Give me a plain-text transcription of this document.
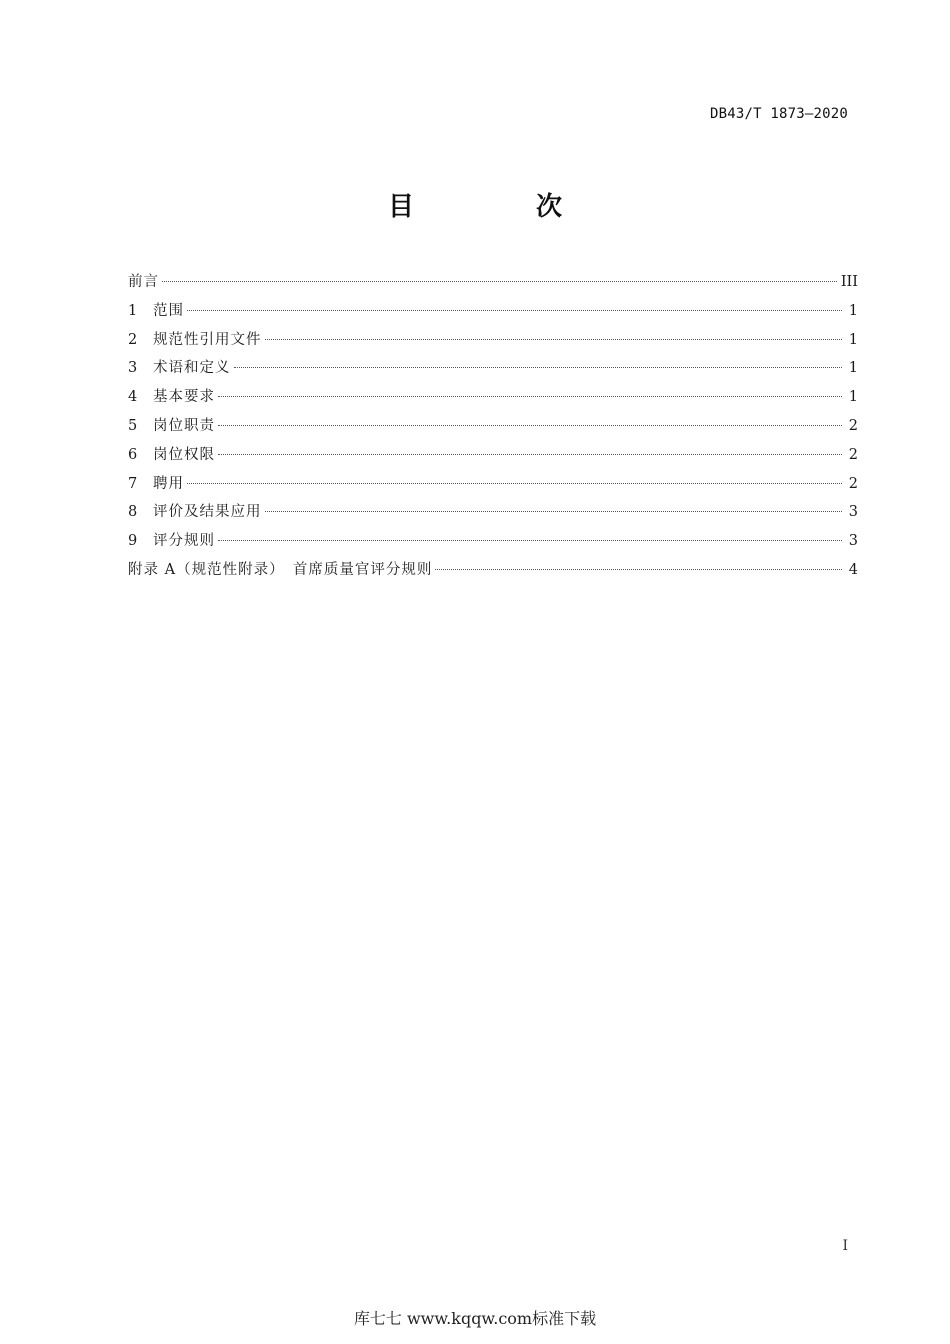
DB43/T 1873—2020
目　次
前言	III
1	范围	1
2	规范性引用文件	1
3	术语和定义	1
4	基本要求	1
5	岗位职责	2
6	岗位权限	2
7	聘用	2
8	评价及结果应用	3
9	评分规则	3
附录 A（规范性附录）　首席质量官评分规则	4
I
库七七 www.kqqw.com标准下载
